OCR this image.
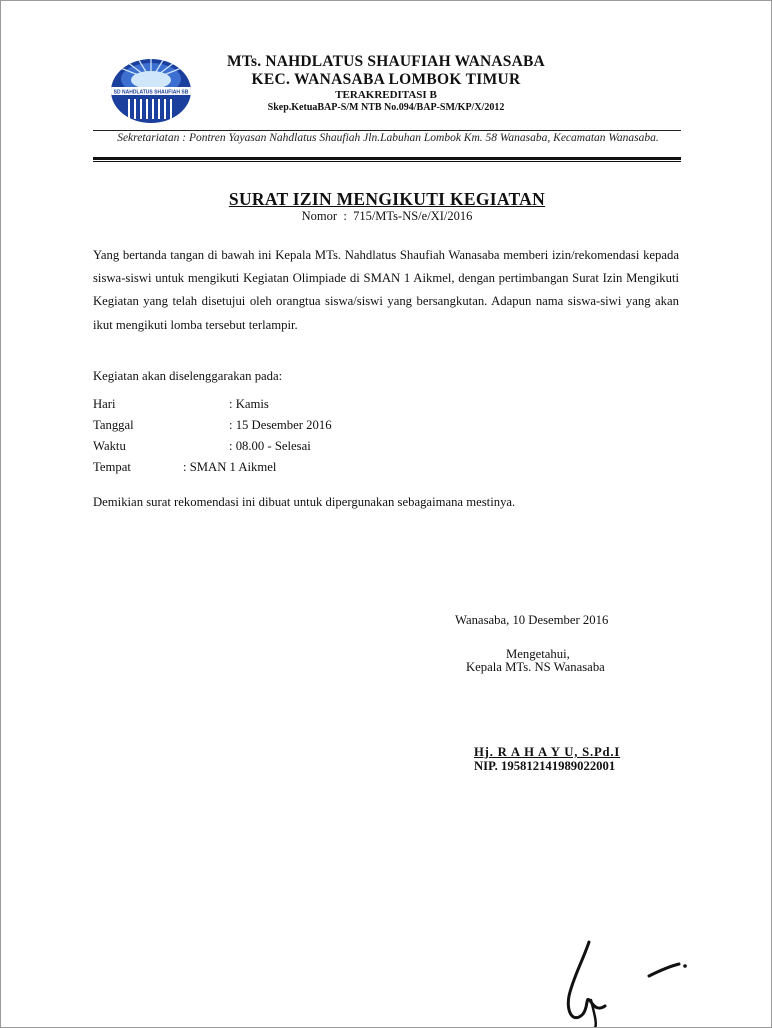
SD NAHDLATUS SHAUFIAH SB
MTs. NAHDLATUS SHAUFIAH WANASABA
KEC. WANASABA LOMBOK TIMUR
TERAKREDITASI B
Skep.KetuaBAP-S/M NTB No.094/BAP-SM/KP/X/2012
Sekretariatan : Pontren Yayasan Nahdlatus Shaufiah Jln.Labuhan Lombok Km. 58 Wanasaba, Kecamatan Wanasaba.
SURAT IZIN MENGIKUTI KEGIATAN
Nomor : 715/MTs-NS/e/XI/2016
Yang bertanda tangan di bawah ini Kepala MTs. Nahdlatus Shaufiah Wanasaba memberi izin/rekomendasi kepada siswa-siswi untuk mengikuti Kegiatan Olimpiade di SMAN 1 Aikmel, dengan pertimbangan Surat Izin Mengikuti Kegiatan yang telah disetujui oleh orangtua siswa/siswi yang bersangkutan. Adapun nama siswa-siwi yang akan ikut mengikuti lomba tersebut terlampir.
Kegiatan akan diselenggarakan pada:
Hari	: Kamis
Tanggal	: 15 Desember 2016
Waktu	: 08.00 - Selesai
Tempat	: SMAN 1 Aikmel
Demikian surat rekomendasi ini dibuat untuk dipergunakan sebagaimana mestinya.
Wanasaba, 10 Desember 2016
Mengetahui,
Kepala MTs. NS Wanasaba
Hj. R A H A Y U, S.Pd.I
NIP. 195812141989022001
